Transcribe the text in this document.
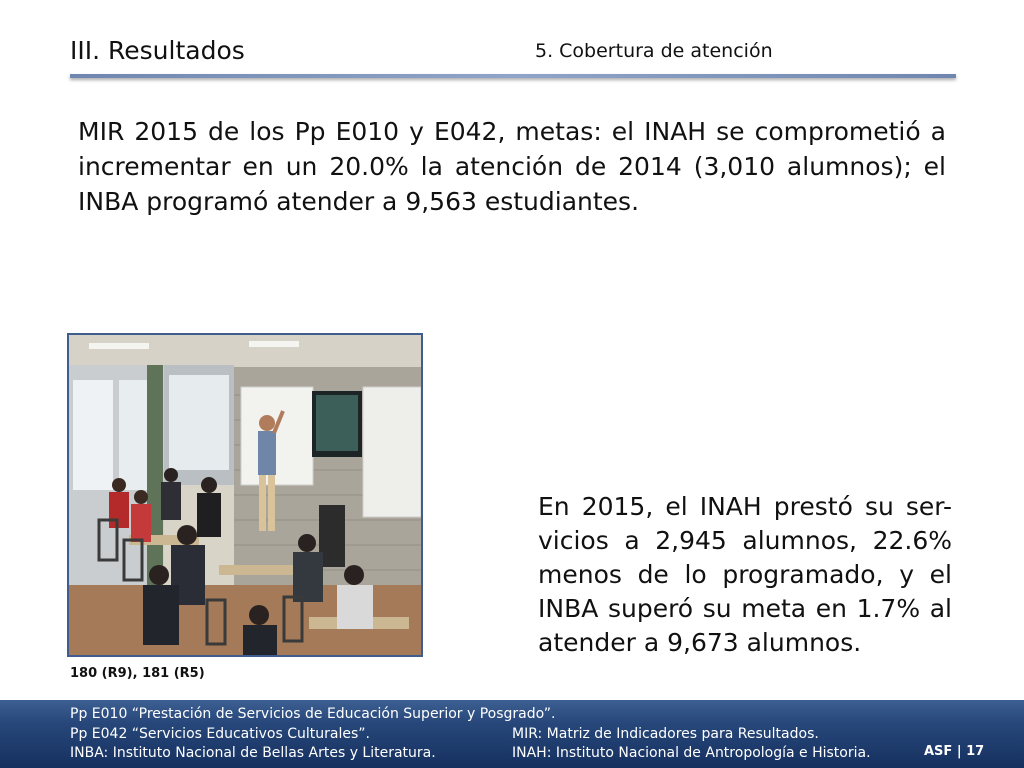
III. Resultados	5. Cobertura de atención
MIR 2015 de los Pp E010 y E042, metas: el INAH se comprometió a incrementar en un 20.0% la atención de 2014 (3,010 alumnos); el INBA programó atender a 9,563 estudiantes.
180 (R9), 181 (R5)
En 2015, el INAH prestó su ser-vicios a 2,945 alumnos, 22.6% menos de lo programado, y el INBA superó su meta en 1.7% al atender a 9,673 alumnos.
Pp E010 “Prestación de Servicios de Educación Superior y Posgrado”.
Pp E042 “Servicios Educativos Culturales”.
INBA: Instituto Nacional de Bellas Artes y Literatura.
MIR: Matriz de Indicadores para Resultados.
INAH: Instituto Nacional de Antropología e Historia.	ASF | 17
